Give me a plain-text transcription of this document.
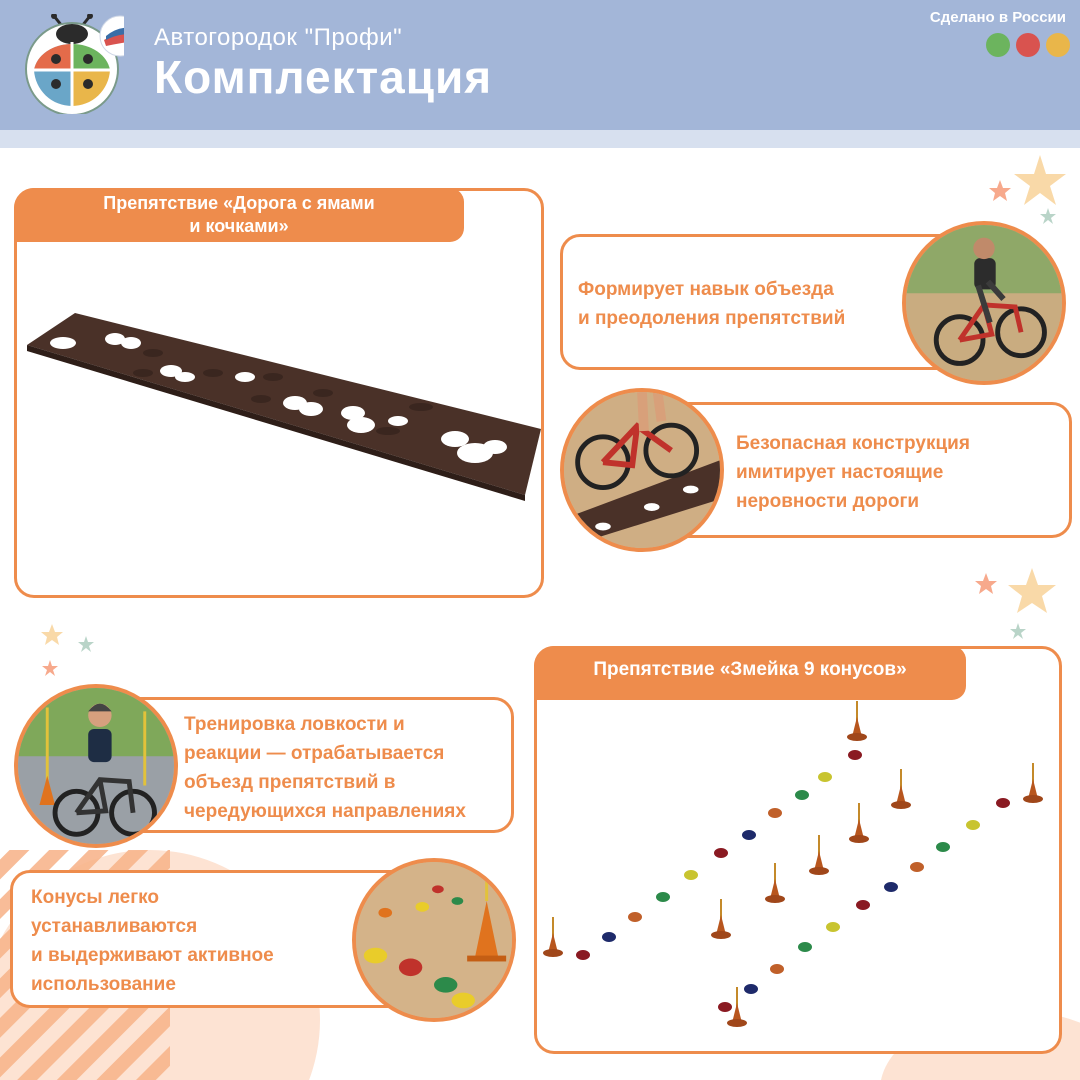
Автогородок "Профи"
Комплектация
Сделано в России
Препятствие «Дорога с ямами
и кочками»
Формирует навык объезда
и преодоления препятствий
Безопасная конструкция
имитирует настоящие
неровности дороги
Тренировка ловкости и
реакции — отрабатывается
объезд препятствий в
чередующихся направлениях
Конусы легко
устанавливаются
и выдерживают активное
использование
Препятствие «Змейка 9 конусов»
